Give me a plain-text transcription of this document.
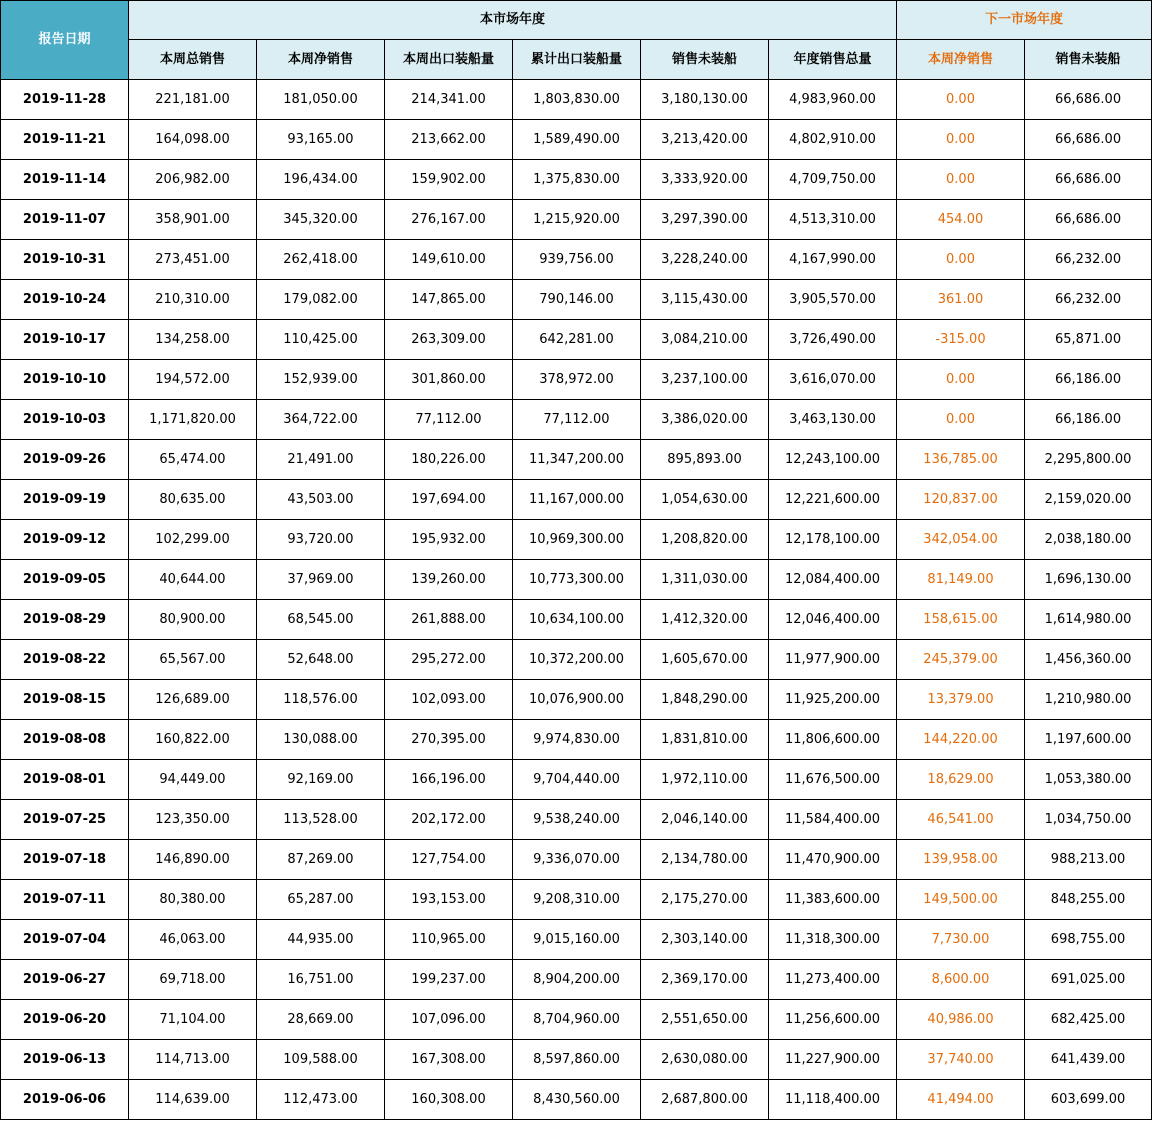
报告日期	本市场年度						下一市场年度	
	本周总销售	本周净销售	本周出口装船量	累计出口装船量	销售未装船	年度销售总量	本周净销售	销售未装船
2019-11-28	221,181.00	181,050.00	214,341.00	1,803,830.00	3,180,130.00	4,983,960.00	0.00	66,686.00
2019-11-21	164,098.00	93,165.00	213,662.00	1,589,490.00	3,213,420.00	4,802,910.00	0.00	66,686.00
2019-11-14	206,982.00	196,434.00	159,902.00	1,375,830.00	3,333,920.00	4,709,750.00	0.00	66,686.00
2019-11-07	358,901.00	345,320.00	276,167.00	1,215,920.00	3,297,390.00	4,513,310.00	454.00	66,686.00
2019-10-31	273,451.00	262,418.00	149,610.00	939,756.00	3,228,240.00	4,167,990.00	0.00	66,232.00
2019-10-24	210,310.00	179,082.00	147,865.00	790,146.00	3,115,430.00	3,905,570.00	361.00	66,232.00
2019-10-17	134,258.00	110,425.00	263,309.00	642,281.00	3,084,210.00	3,726,490.00	-315.00	65,871.00
2019-10-10	194,572.00	152,939.00	301,860.00	378,972.00	3,237,100.00	3,616,070.00	0.00	66,186.00
2019-10-03	1,171,820.00	364,722.00	77,112.00	77,112.00	3,386,020.00	3,463,130.00	0.00	66,186.00
2019-09-26	65,474.00	21,491.00	180,226.00	11,347,200.00	895,893.00	12,243,100.00	136,785.00	2,295,800.00
2019-09-19	80,635.00	43,503.00	197,694.00	11,167,000.00	1,054,630.00	12,221,600.00	120,837.00	2,159,020.00
2019-09-12	102,299.00	93,720.00	195,932.00	10,969,300.00	1,208,820.00	12,178,100.00	342,054.00	2,038,180.00
2019-09-05	40,644.00	37,969.00	139,260.00	10,773,300.00	1,311,030.00	12,084,400.00	81,149.00	1,696,130.00
2019-08-29	80,900.00	68,545.00	261,888.00	10,634,100.00	1,412,320.00	12,046,400.00	158,615.00	1,614,980.00
2019-08-22	65,567.00	52,648.00	295,272.00	10,372,200.00	1,605,670.00	11,977,900.00	245,379.00	1,456,360.00
2019-08-15	126,689.00	118,576.00	102,093.00	10,076,900.00	1,848,290.00	11,925,200.00	13,379.00	1,210,980.00
2019-08-08	160,822.00	130,088.00	270,395.00	9,974,830.00	1,831,810.00	11,806,600.00	144,220.00	1,197,600.00
2019-08-01	94,449.00	92,169.00	166,196.00	9,704,440.00	1,972,110.00	11,676,500.00	18,629.00	1,053,380.00
2019-07-25	123,350.00	113,528.00	202,172.00	9,538,240.00	2,046,140.00	11,584,400.00	46,541.00	1,034,750.00
2019-07-18	146,890.00	87,269.00	127,754.00	9,336,070.00	2,134,780.00	11,470,900.00	139,958.00	988,213.00
2019-07-11	80,380.00	65,287.00	193,153.00	9,208,310.00	2,175,270.00	11,383,600.00	149,500.00	848,255.00
2019-07-04	46,063.00	44,935.00	110,965.00	9,015,160.00	2,303,140.00	11,318,300.00	7,730.00	698,755.00
2019-06-27	69,718.00	16,751.00	199,237.00	8,904,200.00	2,369,170.00	11,273,400.00	8,600.00	691,025.00
2019-06-20	71,104.00	28,669.00	107,096.00	8,704,960.00	2,551,650.00	11,256,600.00	40,986.00	682,425.00
2019-06-13	114,713.00	109,588.00	167,308.00	8,597,860.00	2,630,080.00	11,227,900.00	37,740.00	641,439.00
2019-06-06	114,639.00	112,473.00	160,308.00	8,430,560.00	2,687,800.00	11,118,400.00	41,494.00	603,699.00
